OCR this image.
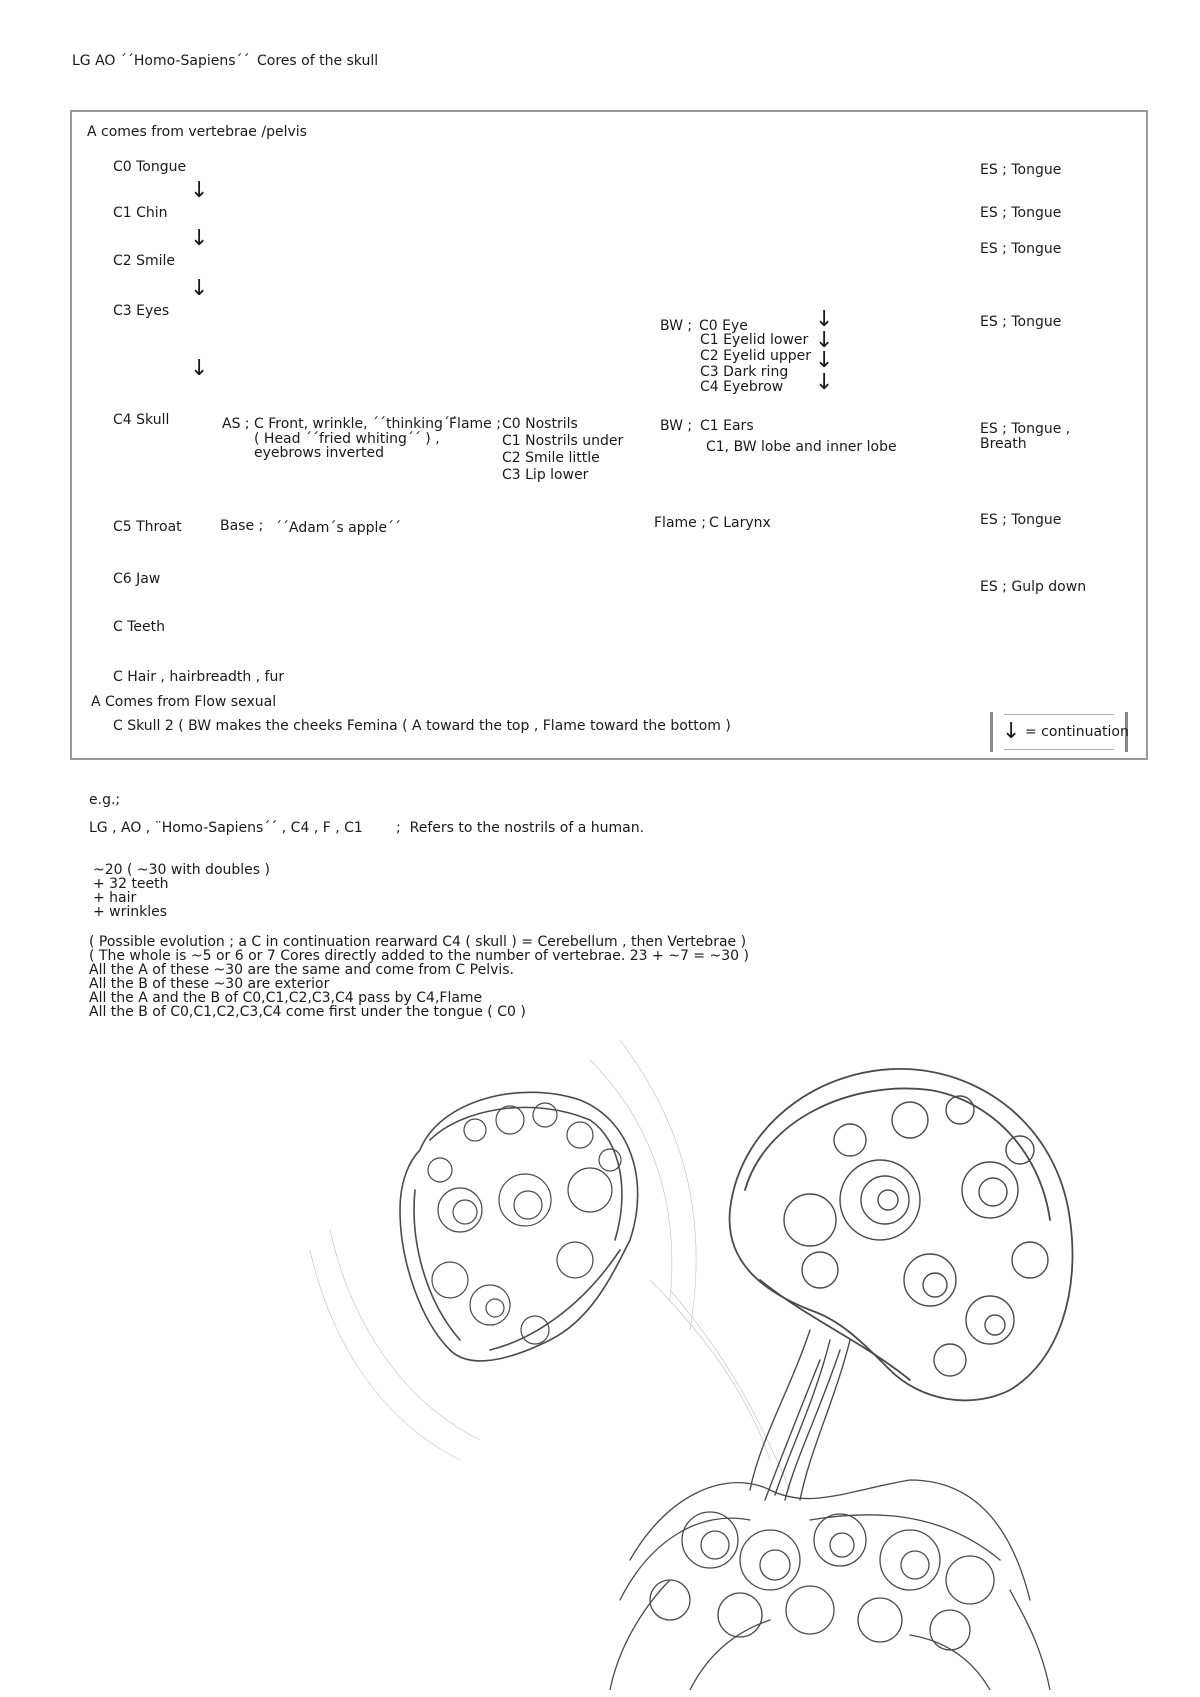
LG AO ´´Homo-Sapiens´´ Cores of the skull
A comes from vertebrae /pelvis
C0 Tongue
↓
C1 Chin
↓
C2 Smile
↓
C3 Eyes
↓
C4 Skull
C5 Throat
C6 Jaw
C Teeth
C Hair , hairbreadth , fur
A Comes from Flow sexual
C Skull 2 ( BW makes the cheeks Femina ( A toward the top , Flame toward the bottom )
ES ; Tongue
ES ; Tongue
ES ; Tongue
ES ; Tongue
ES ; Tongue ,
Breath
ES ; Tongue
ES ; Gulp down
BW ; C0 Eye
C1 Eyelid lower
C2 Eyelid upper
C3 Dark ring
C4 Eyebrow
↓
↓
↓
↓
AS ; C Front, wrinkle, ´´thinking´´
( Head ´´fried whiting´´ ) ,
eyebrows inverted
Flame ; C0 Nostrils
C1 Nostrils under
C2 Smile little
C3 Lip lower
BW ; C1 Ears
C1, BW lobe and inner lobe
Base ; ´´Adam´s apple´´	Flame ; C Larynx
↓ = continuation
e.g.;
LG , AO , ¨Homo-Sapiens´´ , C4 , F , C1 ;  Refers to the nostrils of a human.
~20 ( ~30 with doubles )
+ 32 teeth
+ hair
+ wrinkles
( Possible evolution ; a C in continuation rearward C4 ( skull ) = Cerebellum , then Vertebrae )
( The whole is ~5 or 6 or 7 Cores directly added to the number of vertebrae. 23 + ~7 = ~30 )
All the A of these ~30 are the same and come from C Pelvis.
All the B of these ~30 are exterior
All the A and the B of C0,C1,C2,C3,C4 pass by C4,Flame
All the B of C0,C1,C2,C3,C4 come first under the tongue ( C0 )
